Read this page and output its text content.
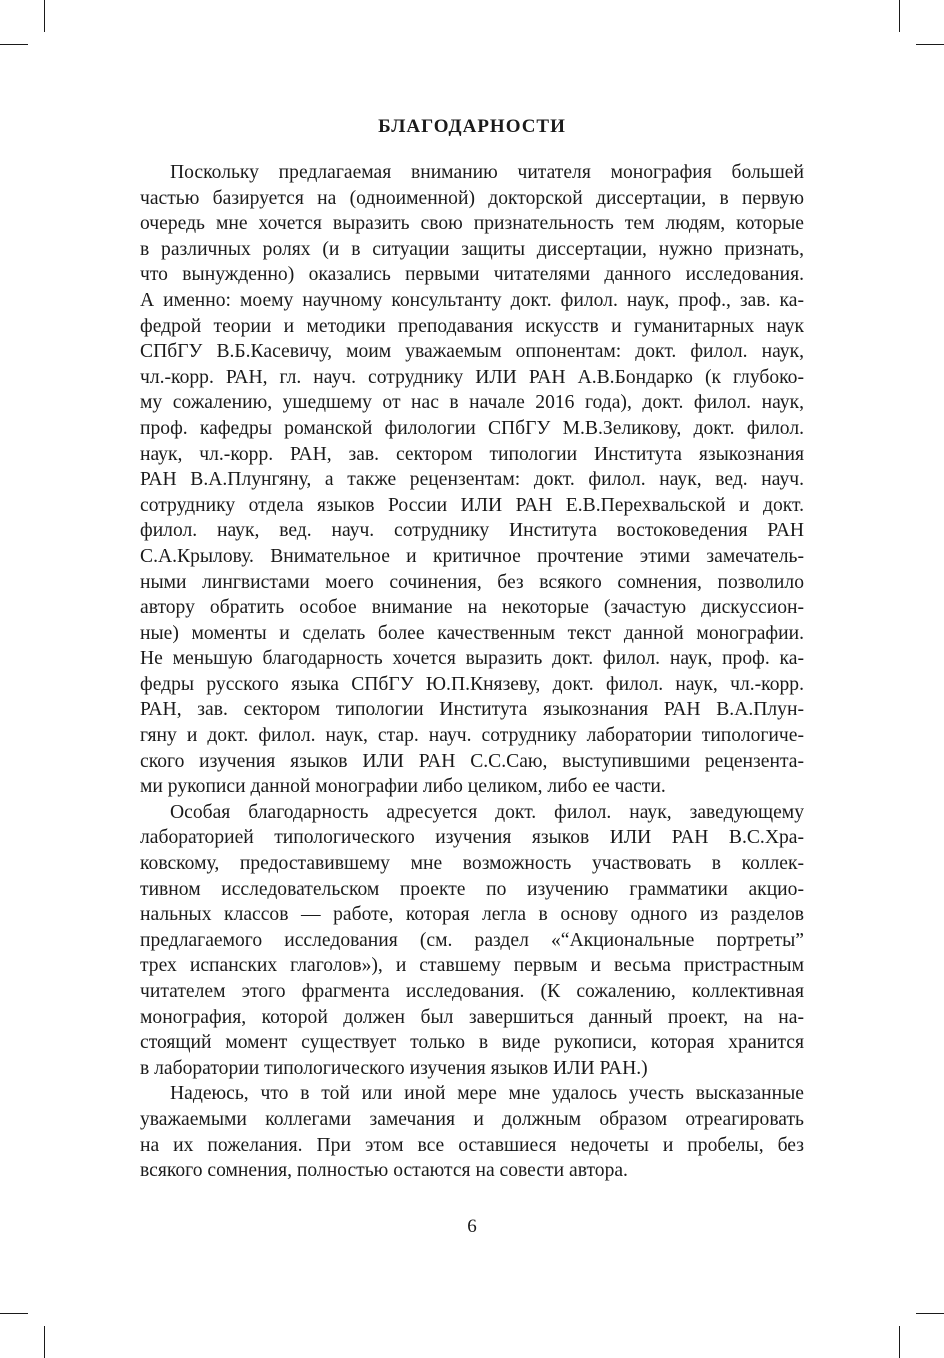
БЛАГОДАРНОСТИ
Поскольку предлагаемая вниманию читателя монография большей
частью базируется на (одноименной) докторской диссертации, в первую
очередь мне хочется выразить свою признательность тем людям, которые
в различных ролях (и в ситуации защиты диссертации, нужно признать,
что вынужденно) оказались первыми читателями данного исследования.
А именно: моему научному консультанту докт. филол. наук, проф., зав. ка-
федрой теории и методики преподавания искусств и гуманитарных наук
СПбГУ В.Б.Касевичу, моим уважаемым оппонентам: докт. филол. наук,
чл.-корр. РАН, гл. науч. сотруднику ИЛИ РАН А.В.Бондарко (к глубоко-
му сожалению, ушедшему от нас в начале 2016 года), докт. филол. наук,
проф. кафедры романской филологии СПбГУ М.В.Зеликову, докт. филол.
наук, чл.-корр. РАН, зав. сектором типологии Института языкознания
РАН В.А.Плунгяну, а также рецензентам: докт. филол. наук, вед. науч.
сотруднику отдела языков России ИЛИ РАН Е.В.Перехвальской и докт.
филол. наук, вед. науч. сотруднику Института востоковедения РАН
С.А.Крылову. Внимательное и критичное прочтение этими замечатель-
ными лингвистами моего сочинения, без всякого сомнения, позволило
автору обратить особое внимание на некоторые (зачастую дискуссион-
ные) моменты и сделать более качественным текст данной монографии.
Не меньшую благодарность хочется выразить докт. филол. наук, проф. ка-
федры русского языка СПбГУ Ю.П.Князеву, докт. филол. наук, чл.-корр.
РАН, зав. сектором типологии Института языкознания РАН В.А.Плун-
гяну и докт. филол. наук, стар. науч. сотруднику лаборатории типологиче-
ского изучения языков ИЛИ РАН С.С.Саю, выступившими рецензента-
ми рукописи данной монографии либо целиком, либо ее части.
Особая благодарность адресуется докт. филол. наук, заведующему
лабораторией типологического изучения языков ИЛИ РАН В.С.Хра-
ковскому, предоставившему мне возможность участвовать в коллек-
тивном исследовательском проекте по изучению грамматики акцио-
нальных классов — работе, которая легла в основу одного из разделов
предлагаемого исследования (см. раздел «“Акциональные портреты”
трех испанских глаголов»), и ставшему первым и весьма пристрастным
читателем этого фрагмента исследования. (К сожалению, коллективная
монография, которой должен был завершиться данный проект, на на-
стоящий момент существует только в виде рукописи, которая хранится
в лаборатории типологического изучения языков ИЛИ РАН.)
Надеюсь, что в той или иной мере мне удалось учесть высказанные
уважаемыми коллегами замечания и должным образом отреагировать
на их пожелания. При этом все оставшиеся недочеты и пробелы, без
всякого сомнения, полностью остаются на совести автора.

6
